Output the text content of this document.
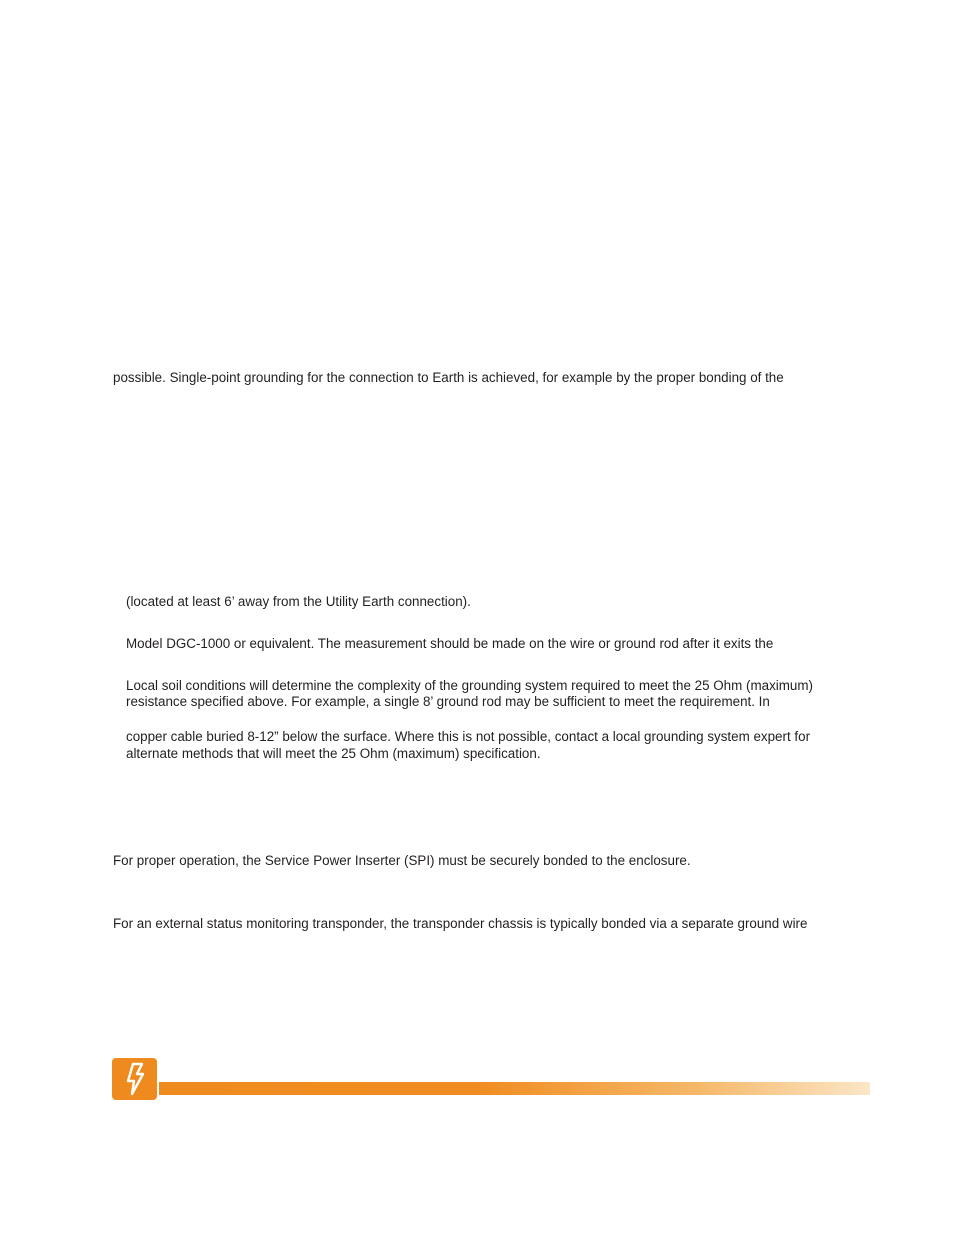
possible. Single-point grounding for the connection to Earth is achieved, for example by the proper bonding of the

(located at least 6’ away from the Utility Earth connection).

Model DGC-1000 or equivalent. The measurement should be made on the wire or ground rod after it exits the

Local soil conditions will determine the complexity of the grounding system required to meet the 25 Ohm (maximum)

resistance specified above. For example, a single 8’ ground rod may be sufficient to meet the requirement. In

copper cable buried 8-12” below the surface. Where this is not possible, contact a local grounding system expert for

alternate methods that will meet the 25 Ohm (maximum) specification.

For proper operation, the Service Power Inserter (SPI) must be securely bonded to the enclosure.

For an external status monitoring transponder, the transponder chassis is typically bonded via a separate ground wire
